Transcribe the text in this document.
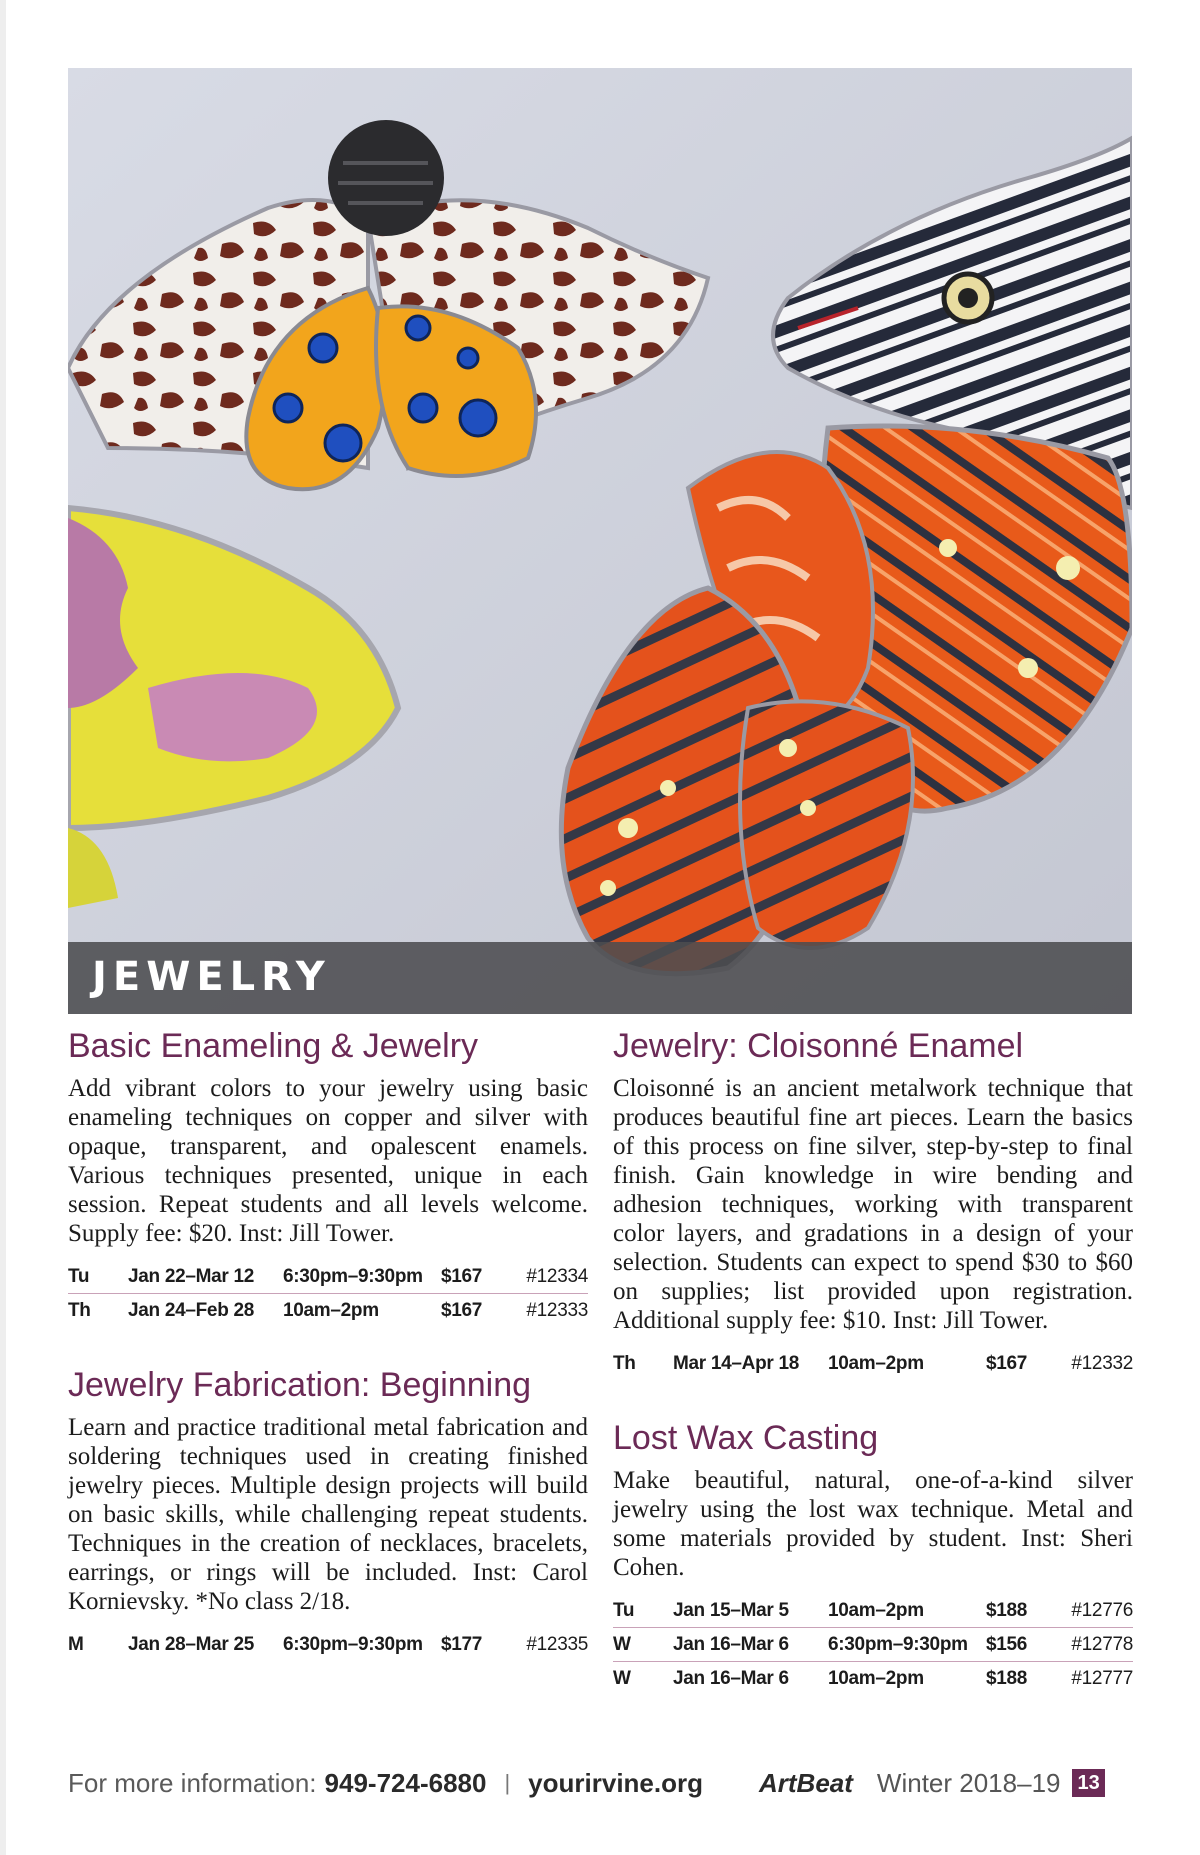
JEWELRY
Basic Enameling & Jewelry

Add vibrant colors to your jewelry using basic enameling techniques on copper and silver with opaque, transparent, and opalescent enamels. Various techniques presented, unique in each session. Repeat students and all levels welcome. Supply fee: $20. Inst: Jill Tower.

Tu	Jan 22–Mar 12	6:30pm–9:30pm $167	#12334
Th	Jan 24–Feb 28	10am–2pm	$167	#12333
Jewelry Fabrication: Beginning

Learn and practice traditional metal fabrication and soldering techniques used in creating finished jewelry pieces. Multiple design projects will build on basic skills, while challenging repeat students. Techniques in the creation of necklaces, bracelets, earrings, or rings will be included. Inst: Carol Kornievsky. *No class 2/18.

M	Jan 28–Mar 25	6:30pm–9:30pm $177	#12335
Jewelry: Cloisonné Enamel

Cloisonné is an ancient metalwork technique that produces beautiful fine art pieces. Learn the basics of this process on fine silver, step-by-step to final finish. Gain knowledge in wire bending and adhesion techniques, working with transparent color layers, and gradations in a design of your selection. Students can expect to spend $30 to $60 on supplies; list provided upon registration. Additional supply fee: $10. Inst: Jill Tower.

Th	Mar 14–Apr 18	10am–2pm	$167	#12332
Lost Wax Casting

Make beautiful, natural, one-of-a-kind silver jewelry using the lost wax technique. Metal and some materials provided by student. Inst: Sheri Cohen.

Tu	Jan 15–Mar 5	10am–2pm	$188	#12776
W	Jan 16–Mar 6	6:30pm–9:30pm $156	#12778
W	Jan 16–Mar 6	10am–2pm	$188	#12777
For more information: 949-724-6880 | yourirvine.org ArtBeat Winter 2018–19 13
